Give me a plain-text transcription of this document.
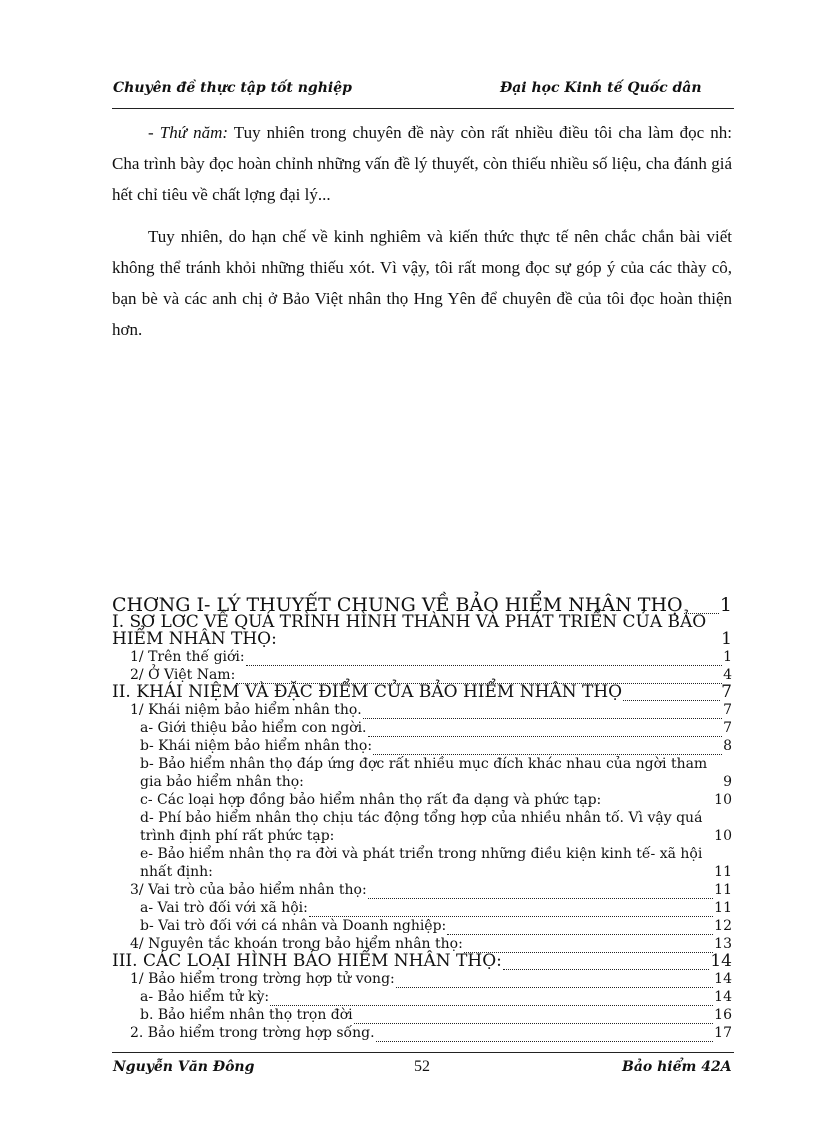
Chuyên đề thực tập tốt nghiệp	Đại học Kinh tế Quốc dân

- Thứ năm: Tuy nhiên trong chuyên đề này còn rất nhiều điều tôi cha làm đọc nh: Cha trình bày đọc hoàn chỉnh những vấn đề lý thuyết, còn thiếu nhiều số liệu, cha đánh giá hết chỉ tiêu về chất lợng đại lý...

Tuy nhiên, do hạn chế về kinh nghiêm và kiến thức thực tế nên chắc chắn bài viết không thể tránh khỏi những thiếu xót. Vì vậy, tôi rất mong đọc sự góp ý của các thày cô, bạn bè và các anh chị ở Bảo Việt nhân thọ Hng Yên để chuyên đề của tôi đọc hoàn thiện hơn.

CHƠNG I- LÝ THUYẾT CHUNG VỀ BẢO HIỂM NHÂN THỌ 1
I. SƠ LƠC VỀ QUÁ TRÌNH HÌNH THÀNH VÀ PHÁT TRIỂN CỦA BẢO HIỂM NHÂN THỌ:	1
1/ Trên thế giới:	1
2/ Ở Việt Nam:	4
II. KHÁI NIỆM VÀ ĐẶC ĐIỂM CỦA BẢO HIỂM NHÂN THỌ	7
1/ Khái niệm bảo hiểm nhân thọ.	7
a- Giới thiệu bảo hiểm con ngời.	7
b- Khái niệm bảo hiểm nhân thọ:	8
b- Bảo hiểm nhân thọ đáp ứng đợc rất nhiều mục đích khác nhau của ngời tham gia bảo hiểm nhân thọ:	9
c- Các loại hợp đồng bảo hiểm nhân thọ rất đa dạng và phức tạp:	10
d- Phí bảo hiểm nhân thọ chịu tác động tổng hợp của nhiều nhân tố. Vì vậy quá trình định phí rất phức tạp:	10
e- Bảo hiểm nhân thọ ra đời và phát triển trong những điều kiện kinh tế- xã hội nhất định:	11
3/ Vai trò của bảo hiểm nhân thọ:	11
a- Vai trò đối với xã hội:	11
b- Vai trò đối với cá nhân và Doanh nghiệp:	12
4/ Nguyên tắc khoán trong bảo hiểm nhân thọ:	13
III. CÁC LOẠI HÌNH BẢO HIỂM NHÂN THỌ:	14
1/ Bảo hiểm trong trờng hợp tử vong:	14
a- Bảo hiểm tử kỳ:	14
b. Bảo hiểm nhân thọ trọn đời	16
2. Bảo hiểm trong trờng hợp sống.	17
Nguyễn Văn Đông	52	Bảo hiểm 42A
